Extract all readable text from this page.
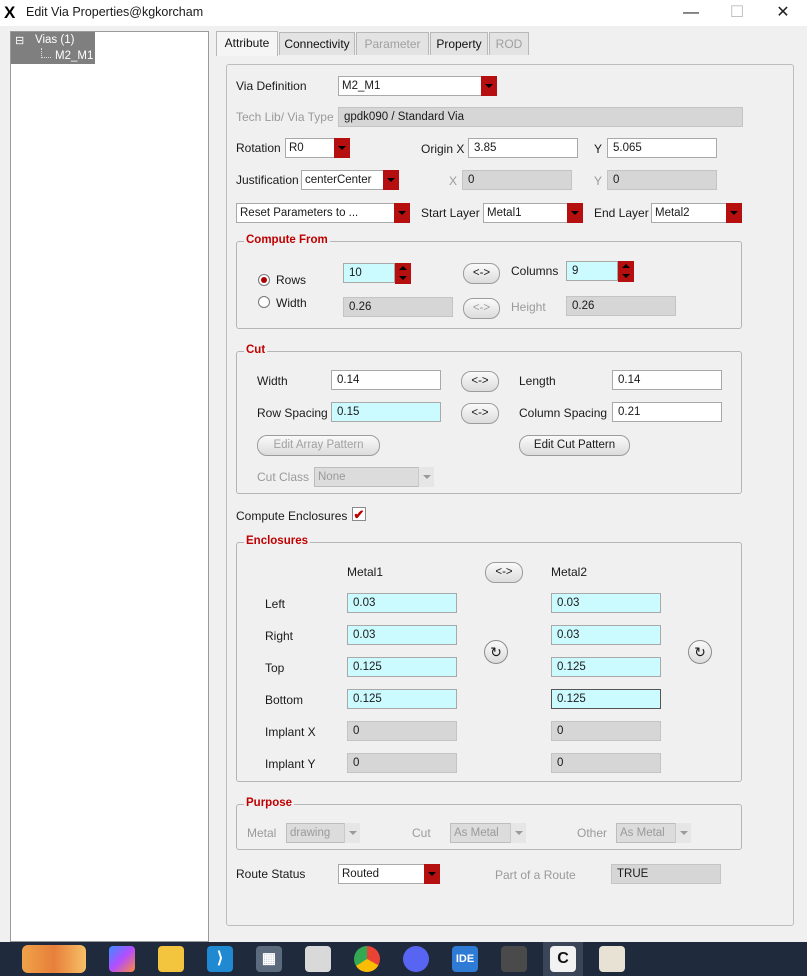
X Edit Via Properties@kgkorcham	—	☐	✕
⊟ Vias (1)
M2_M1
Attribute	Connectivity	Parameter	Property	ROD
Via Definition	M2_M1
Tech Lib/ Via Type gpdk090 / Standard Via
Rotation R0	Origin X 3.85	Y 5.065
Justification centerCenter	X 0	Y 0
Reset Parameters to ...	Start Layer Metal1	End Layer Metal2
Compute From
Rows	10	<->	Columns	9
Width	0.26	<->	Height	0.26
Cut
Width	0.14	<->	Length	0.14
Row Spacing 0.15	<->	Column Spacing 0.21
Edit Array Pattern	Edit Cut Pattern
Cut Class None
Compute Enclosures ✔
Enclosures
Metal1	<->	Metal2
Left	0.03	0.03
Right	0.03	0.03
↻	↻
Top	0.125	0.125
Bottom	0.125	0.125
Implant X	0	0
Implant Y	0	0
Purpose
Metal	drawing	Cut	As Metal	Other	As Metal
Route Status	Routed	Part of a Route	TRUE
⟩	▦	IDE	C
